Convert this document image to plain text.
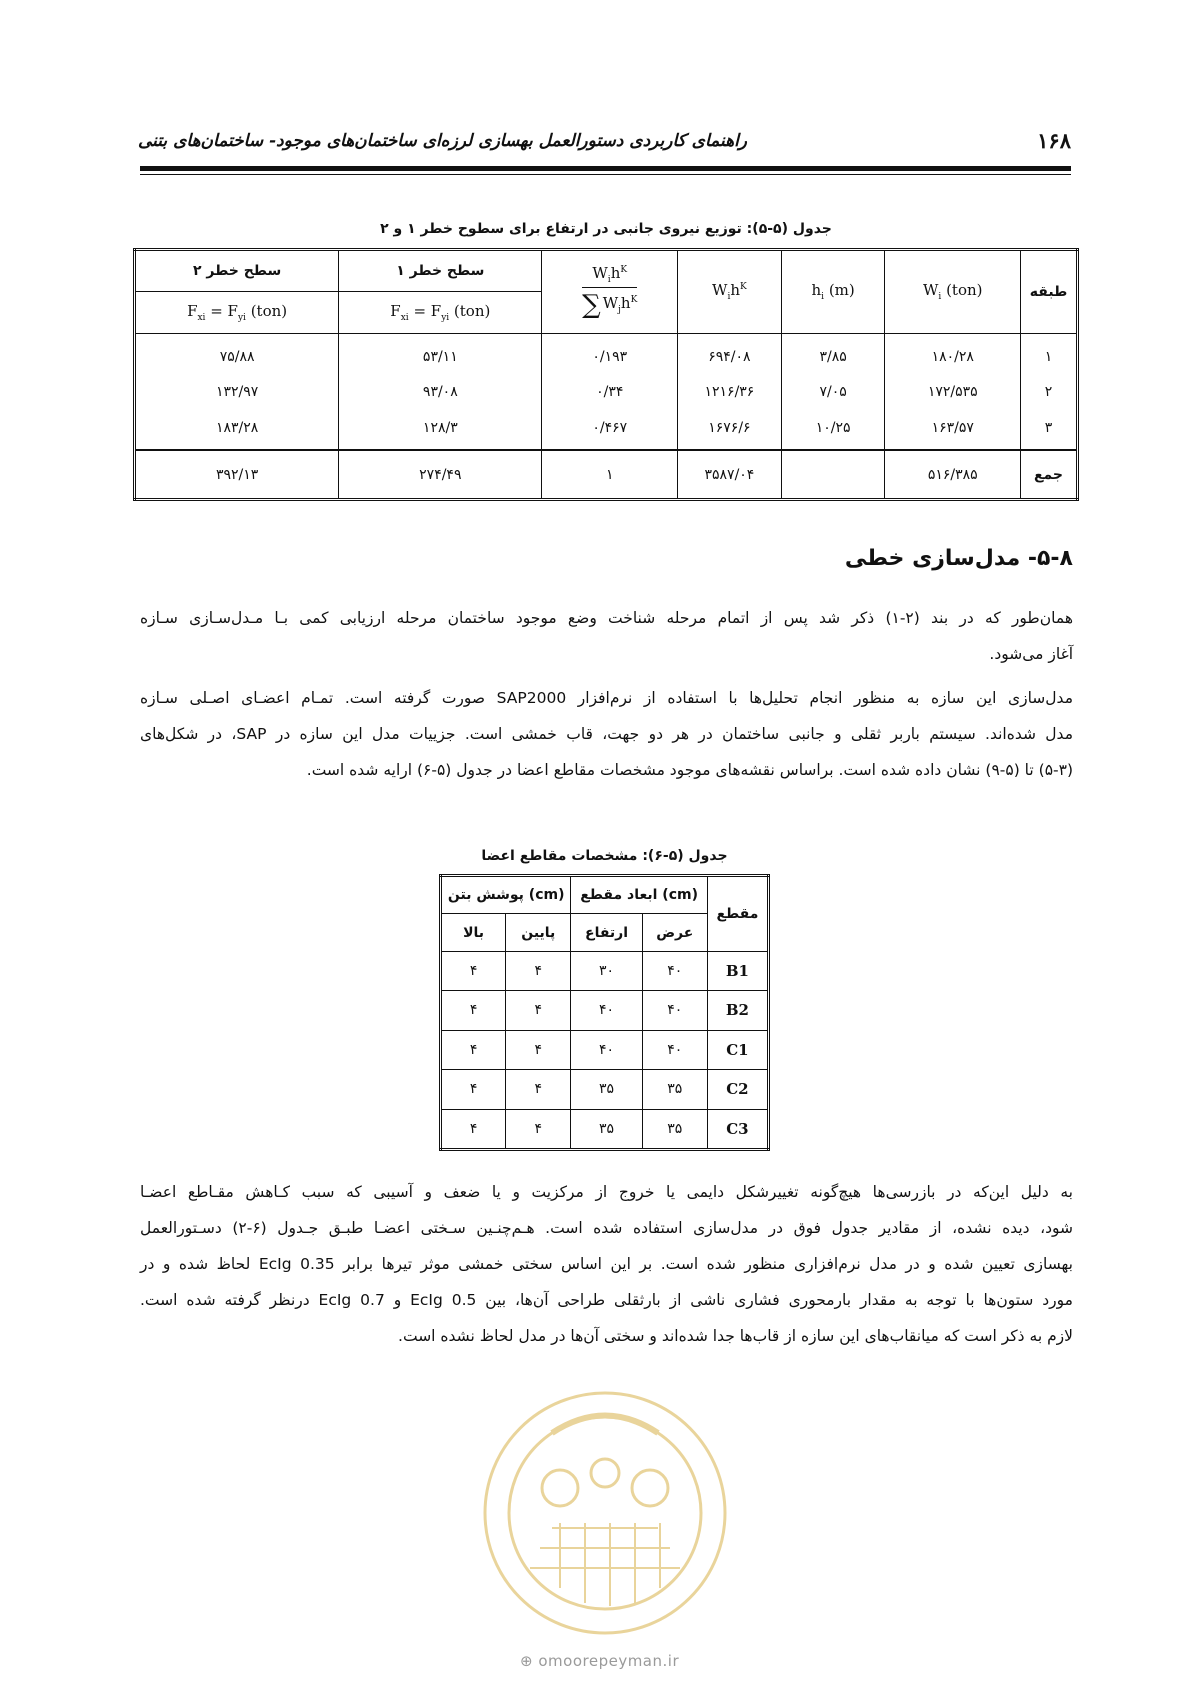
۱۶۸
راهنمای کاربردی دستورالعمل بهسازی لرزه‌ای ساختمان‌های موجود- ساختمان‌های بتنی
جدول (۵-۵): توزیع نیروی جانبی در ارتفاع برای سطوح خطر ۱ و ۲
سطح خطر ۲	سطح خطر ۱	$\frac{W_ih^K}{\sum W_jh^K}$	$W_ih^K$	$h_i$ (m)	$W_i$ (ton)	طبقه
$F_{xi} = F_{yi}$ (ton)	$F_{xi} = F_{yi}$ (ton)					
۷۵/۸۸	۵۳/۱۱	۰/۱۹۳	۶۹۴/۰۸	۳/۸۵	۱۸۰/۲۸	۱
۱۳۲/۹۷	۹۳/۰۸	۰/۳۴	۱۲۱۶/۳۶	۷/۰۵	۱۷۲/۵۳۵	۲
۱۸۳/۲۸	۱۲۸/۳	۰/۴۶۷	۱۶۷۶/۶	۱۰/۲۵	۱۶۳/۵۷	۳
۳۹۲/۱۳	۲۷۴/۴۹	۱	۳۵۸۷/۰۴		۵۱۶/۳۸۵	جمع
۵-۸- مدل‌سازی خطی

همان‌طور که در بند (۲-۱) ذکر شد پس از اتمام مرحله شناخت وضع موجود ساختمان مرحله ارزیابی کمی بـا مـدل‌سـازی سـازه

آغاز می‌شود.

مدل‌سازی این سازه به منظور انجام تحلیل‌ها با استفاده از نرم‌افزار SAP2000 صورت گرفته است. تمـام اعضـای اصـلی سـازه

مدل شده‌اند. سیستم باربر ثقلی و جانبی ساختمان در هر دو جهت، قاب خمشی است. جزییات مدل این سازه در SAP، در شکل‌های

(۵-۳) تا (۵-۹) نشان داده شده است. براساس نقشه‌های موجود مشخصات مقاطع اعضا در جدول (۵-۶) ارایه شده است.

جدول (۵-۶): مشخصات مقاطع اعضا
پوشش بتن (cm)		ابعاد مقطع (cm)		مقطع
بالا	پایین	ارتفاع	عرض	
۴	۴	۳۰	۴۰	B1
۴	۴	۴۰	۴۰	B2
۴	۴	۴۰	۴۰	C1
۴	۴	۳۵	۳۵	C2
۴	۴	۳۵	۳۵	C3

به دلیل این‌که در بازرسی‌ها هیچ‌گونه تغییرشکل دایمی یا خروج از مرکزیت و یا ضعف و آسیبی که سبب کـاهش مقـاطع اعضـا

شود، دیده نشده، از مقادیر جدول فوق در مدل‌سازی استفاده شده است. هـم‌چنـین سـختی اعضـا طبـق جـدول (۶-۲) دسـتورالعمل

بهسازی تعیین شده و در مدل نرم‌افزاری منظور شده است. بر این اساس سختی خمشی موثر تیرها برابر 0.35 EcIg لحاظ شده و در

مورد ستون‌ها با توجه به مقدار بارمحوری فشاری ناشی از بارثقلی طراحی آن‌ها، بین 0.5 EcIg و 0.7 EcIg درنظر گرفته شده است.

لازم به ذکر است که میانقاب‌های این سازه از قاب‌ها جدا شده‌اند و سختی آن‌ها در مدل لحاظ نشده است.

⊕ omoorepeyman.ir
